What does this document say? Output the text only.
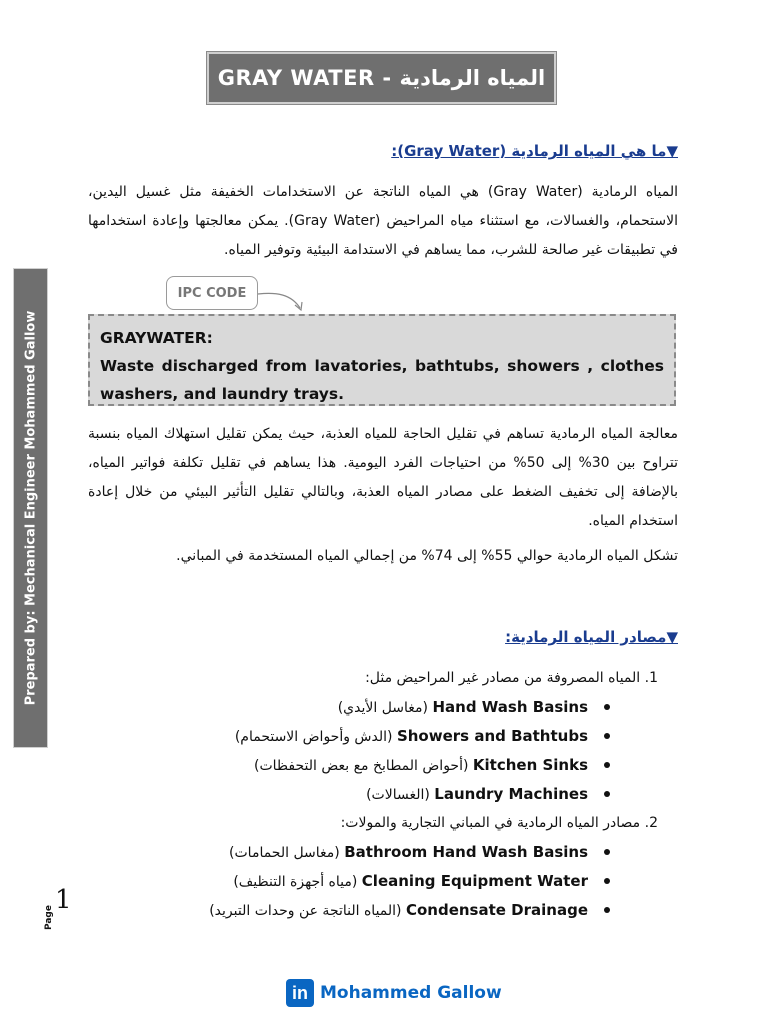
GRAY WATER - المياه الرمادية
Prepared by: Mechanical Engineer Mohammed Gallow
▼ما هي المياه الرمادية (Gray Water):
المياه الرمادية (Gray Water) هي المياه الناتجة عن الاستخدامات الخفيفة مثل غسيل اليدين، الاستحمام، والغسالات، مع استثناء مياه المراحيض (Gray Water). يمكن معالجتها وإعادة استخدامها في تطبيقات غير صالحة للشرب، مما يساهم في الاستدامة البيئية وتوفير المياه.
IPC CODE
GRAYWATER:
Waste discharged from lavatories, bathtubs, showers , clothes washers, and laundry trays.
معالجة المياه الرمادية تساهم في تقليل الحاجة للمياه العذبة، حيث يمكن تقليل استهلاك المياه بنسبة تتراوح بين 30% إلى 50% من احتياجات الفرد اليومية. هذا يساهم في تقليل تكلفة فواتير المياه، بالإضافة إلى تخفيف الضغط على مصادر المياه العذبة، وبالتالي تقليل التأثير البيئي من خلال إعادة استخدام المياه.
تشكل المياه الرمادية حوالي 55% إلى 74% من إجمالي المياه المستخدمة في المباني.
▼مصادر المياه الرمادية:
1. المياه المصروفة من مصادر غير المراحيض مثل:
Hand Wash Basins (مغاسل الأيدي)
Showers and Bathtubs (الدش وأحواض الاستحمام)
Kitchen Sinks (أحواض المطابخ مع بعض التحفظات)
Laundry Machines (الغسالات)
2. مصادر المياه الرمادية في المباني التجارية والمولات:
Bathroom Hand Wash Basins (مغاسل الحمامات)
Cleaning Equipment Water (مياه أجهزة التنظيف)
Condensate Drainage (المياه الناتجة عن وحدات التبريد)
Page
1
in Mohammed Gallow
